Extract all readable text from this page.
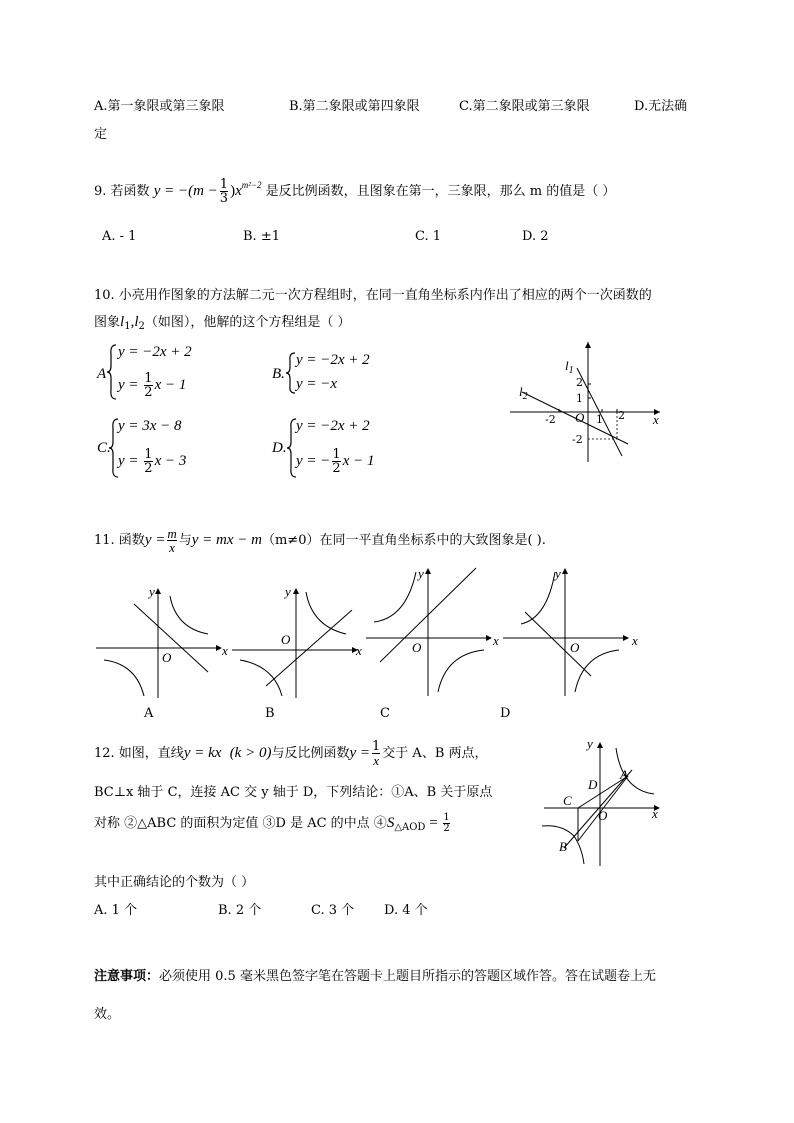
A.第一象限或第三象限	B.第二象限或第四象限	C.第二象限或第三象限	D.无法确
定
9. 若函数 $y = -(m - \frac{1}{3} )x^{m^2-2}$ 是反比例函数，且图象在第一，三象限，那么 m 的值是（ ）
A. - 1	B. ±1	C. 1	D. 2
10. 小亮用作图象的方法解二元一次方程组时，在同一直角坐标系内作出了相应的两个一次函数的
图象$l_1,l_2$（如图），他解的这个方程组是（ ）
A
y = −2x + 2
$y = \frac{1}{2}$ x − 1
B.
y = −2x + 2
y = −x
C.
y = 3x − 8
$y = \frac{1}{2}$ x − 3
D.
y = −2x + 2
y = − $\frac{1}{2}$ x − 1
$l_1$
$l_2$
2
1
-2
-2	1 2
O	x
11. 函数$y = \frac{m}{x}$ 与y = mx − m（m≠0）在同一平直角坐标系中的大致图象是( ).
y
x
O
A
y
x
O
B
y
x
O
C
y
x
O
D
12. 如图，直线y = kx (k > 0)与反比例函数$y = \frac{1}{x}$ 交于 A、B 两点，
BC⊥x 轴于 C，连接 AC 交 y 轴于 D，下列结论：①A、B 关于原点
对称 ②△ABC 的面积为定值 ③D 是 AC 的中点 $④S_{\triangle AOD} = \frac{1}{2}$
y
x
O
A
B
C
D
其中正确结论的个数为（ ）
A. 1 个	B. 2 个	C. 3 个 D. 4 个
注意事项：必须使用 0.5 毫米黑色签字笔在答题卡上题目所指示的答题区域作答。答在试题卷上无
效。
